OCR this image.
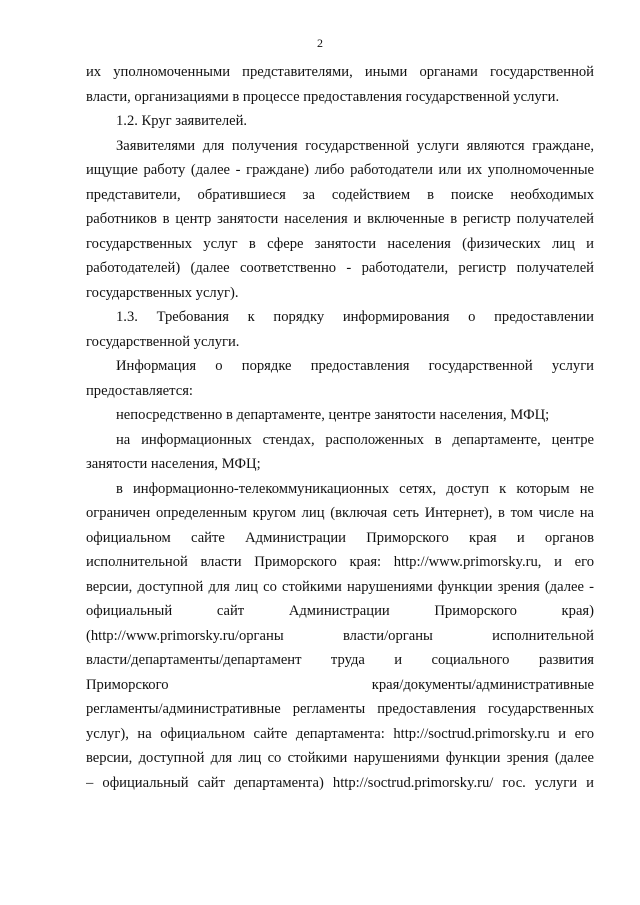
2
их уполномоченными представителями, иными органами государственной
власти, организациями в процессе предоставления государственной услуги.
1.2. Круг заявителей.
Заявителями для получения государственной услуги являются граждане,
ищущие работу (далее - граждане) либо работодатели или их уполномоченные
представители, обратившиеся за содействием в поиске необходимых
работников в центр занятости населения и включенные в регистр получателей
государственных услуг в сфере занятости населения (физических лиц и
работодателей) (далее соответственно - работодатели, регистр получателей
государственных услуг).
1.3. Требования к порядку информирования о предоставлении
государственной услуги.
Информация о порядке предоставления государственной услуги
предоставляется:
непосредственно в департаменте, центре занятости населения, МФЦ;
на информационных стендах, расположенных в департаменте, центре
занятости населения, МФЦ;
в информационно-телекоммуникационных сетях, доступ к которым не
ограничен определенным кругом лиц (включая сеть Интернет), в том числе на
официальном сайте Администрации Приморского края и органов
исполнительной власти Приморского края: http://www.primorsky.ru, и его
версии, доступной для лиц со стойкими нарушениями функции зрения (далее -
официальный сайт Администрации Приморского края)
(http://www.primorsky.ru/органы власти/органы исполнительной
власти/департаменты/департамент труда и социального развития
Приморского края/документы/административные
регламенты/административные регламенты предоставления государственных
услуг), на официальном сайте департамента: http://soctrud.primorsky.ru и его
версии, доступной для лиц со стойкими нарушениями функции зрения (далее
– официальный сайт департамента) http://soctrud.primorsky.ru/ гос. услуги и
